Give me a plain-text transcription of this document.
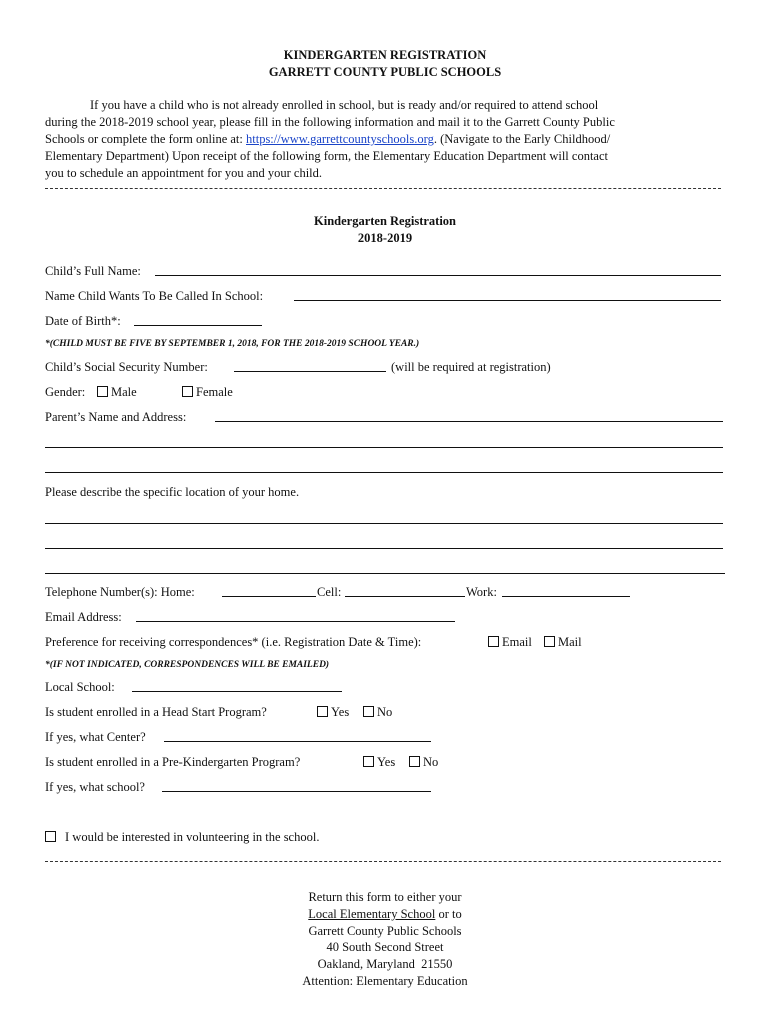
KINDERGARTEN REGISTRATION
GARRETT COUNTY PUBLIC SCHOOLS
If you have a child who is not already enrolled in school, but is ready and/or required to attend school
during the 2018-2019 school year, please fill in the following information and mail it to the Garrett County Public
Schools or complete the form online at: https://www.garrettcountyschools.org. (Navigate to the Early Childhood/
Elementary Department) Upon receipt of the following form, the Elementary Education Department will contact
you to schedule an appointment for you and your child.
Kindergarten Registration
2018-2019
Child’s Full Name:
Name Child Wants To Be Called In School:
Date of Birth*:
*(CHILD MUST BE FIVE BY SEPTEMBER 1, 2018, FOR THE 2018-2019 SCHOOL YEAR.)
Child’s Social Security Number:	(will be required at registration)
Gender:	Male	Female
Parent’s Name and Address:
Please describe the specific location of your home.
Telephone Number(s): Home:	Cell:	Work:
Email Address:
Preference for receiving correspondences* (i.e. Registration Date & Time):	Email	Mail
*(IF NOT INDICATED, CORRESPONDENCES WILL BE EMAILED)
Local School:
Is student enrolled in a Head Start Program?	Yes	No
If yes, what Center?
Is student enrolled in a Pre-Kindergarten Program?	Yes	No
If yes, what school?
I would be interested in volunteering in the school.
Return this form to either your
Local Elementary School or to
Garrett County Public Schools
40 South Second Street
Oakland, Maryland  21550
Attention: Elementary Education
